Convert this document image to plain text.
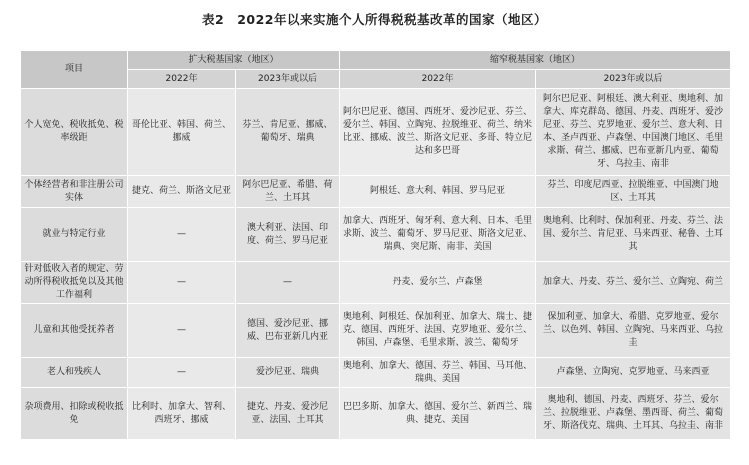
表2　2022年以来实施个人所得税税基改革的国家（地区）
项目	扩大税基国家（地区）		缩窄税基国家（地区）	
	2022年	2023年或以后	2022年	2023年或以后
个人宽免、税收抵免、税率级距	哥伦比亚、韩国、荷兰、挪威	芬兰、肯尼亚、挪威、葡萄牙、瑞典	阿尔巴尼亚、德国、西班牙、爱沙尼亚、芬兰、爱尔兰、韩国、立陶宛、拉脱维亚、荷兰、纳米比亚、挪威、波兰、斯洛文尼亚、多哥、特立尼达和多巴哥	阿尔巴尼亚、阿根廷、澳大利亚、奥地利、加拿大、库克群岛、德国、丹麦、西班牙、爱沙尼亚、芬兰、克罗地亚、爱尔兰、意大利、日本、圣卢西亚、卢森堡、中国澳门地区、毛里求斯、荷兰、挪威、巴布亚新几内亚、葡萄牙、乌拉圭、南非
个体经营者和非注册公司实体	捷克、荷兰、斯洛文尼亚	阿尔巴尼亚、希腊、荷兰、土耳其	阿根廷、意大利、韩国、罗马尼亚	芬兰、印度尼西亚、拉脱维亚、中国澳门地区、土耳其
就业与特定行业	—	澳大利亚、法国、印度、荷兰、罗马尼亚	加拿大、西班牙、匈牙利、意大利、日本、毛里求斯、波兰、葡萄牙、罗马尼亚、斯洛文尼亚、瑞典、突尼斯、南非、美国	奥地利、比利时、保加利亚、丹麦、芬兰、法国、爱尔兰、肯尼亚、马来西亚、秘鲁、土耳其
针对低收入者的规定、劳动所得税收抵免以及其他工作福利	—	—	丹麦、爱尔兰、卢森堡	加拿大、丹麦、芬兰、爱尔兰、立陶宛、荷兰
儿童和其他受抚养者	—	德国、爱沙尼亚、挪威、巴布亚新几内亚	奥地利、阿根廷、保加利亚、加拿大、瑞士、捷克、德国、西班牙、法国、克罗地亚、爱尔兰、韩国、卢森堡、毛里求斯、波兰、葡萄牙	保加利亚、加拿大、希腊、克罗地亚、爱尔兰、以色列、韩国、立陶宛、马来西亚、乌拉圭
老人和残疾人	—	爱沙尼亚、瑞典	奥地利、加拿大、德国、芬兰、韩国、马耳他、瑞典、美国	卢森堡、立陶宛、克罗地亚、马来西亚
杂项费用、扣除或税收抵免	比利时、加拿大、智利、西班牙、挪威	捷克、丹麦、爱沙尼亚、法国、土耳其	巴巴多斯、加拿大、德国、爱尔兰、新西兰、瑞典、捷克、美国	奥地利、德国、丹麦、西班牙、芬兰、爱尔兰、拉脱维亚、卢森堡、墨西哥、荷兰、葡萄牙、斯洛伐克、瑞典、土耳其、乌拉圭、南非
